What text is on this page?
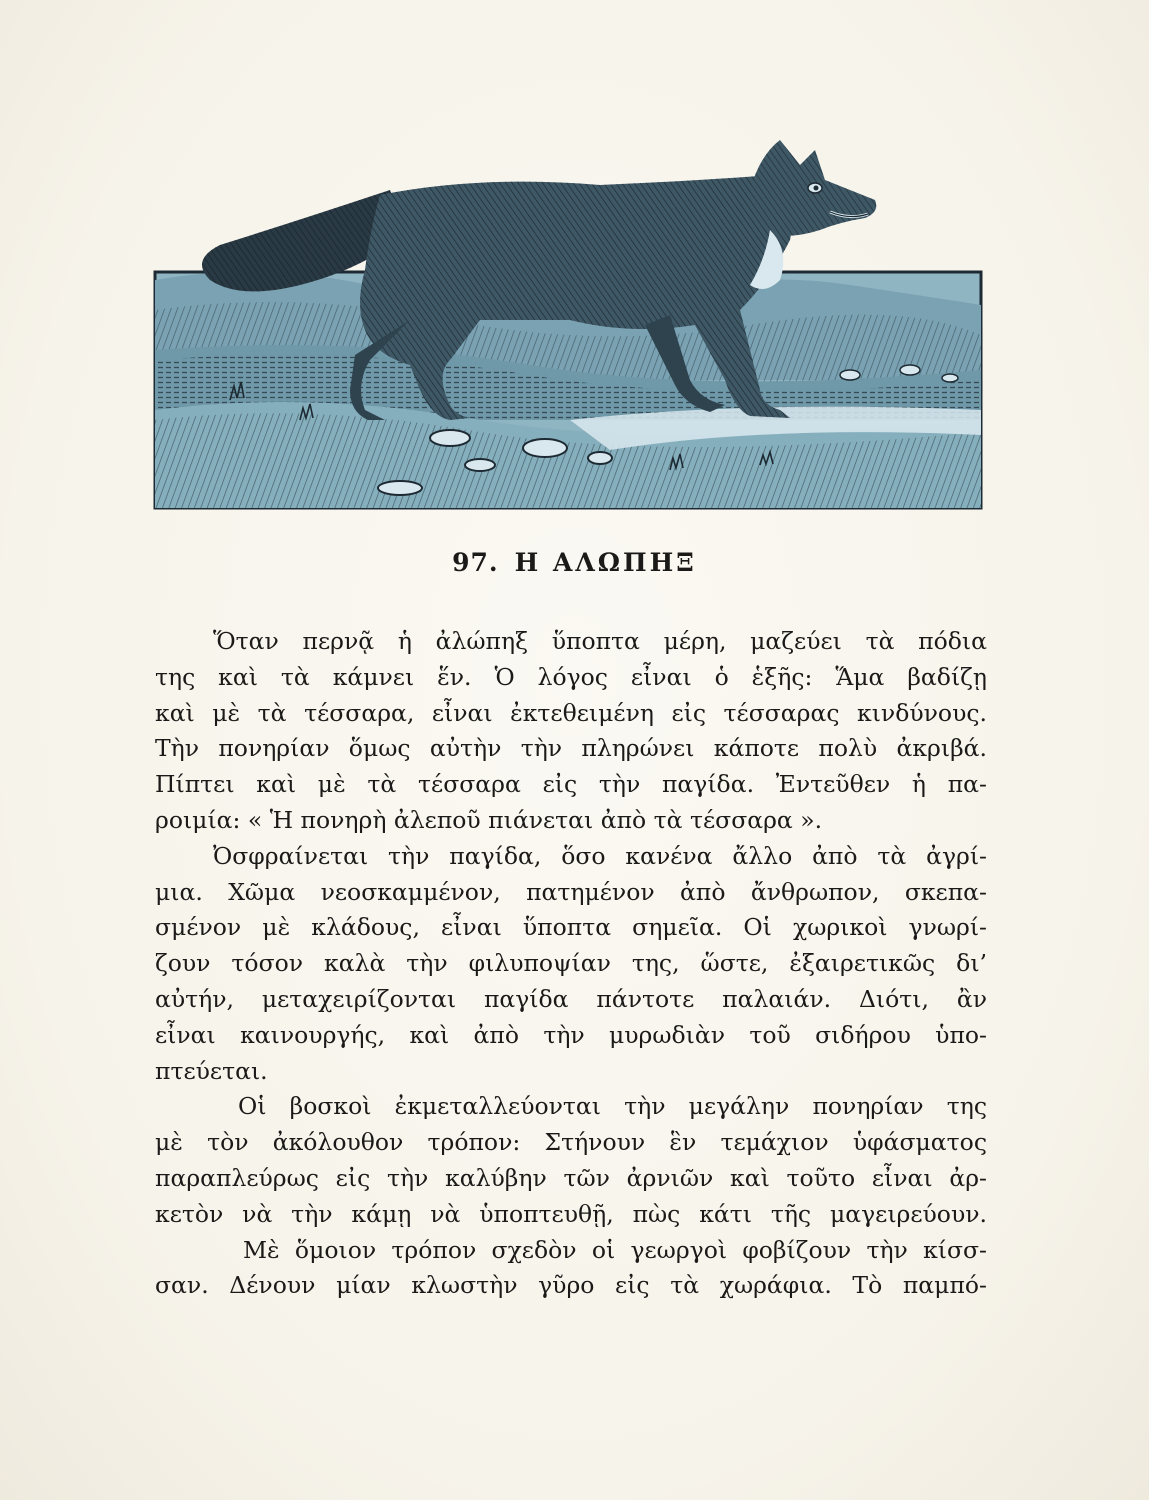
97. Η ΑΛΩΠΗΞ
Ὅταν περνᾷ ἡ ἀλώπηξ ὕποπτα μέρη, μαζεύει τὰ πόδια
της καὶ τὰ κάμνει ἕν. Ὁ λόγος εἶναι ὁ ἑξῆς: Ἅμα βαδίζῃ
καὶ μὲ τὰ τέσσαρα, εἶναι ἐκτεθειμένη εἰς τέσσαρας κινδύνους.
Τὴν πονηρίαν ὅμως αὐτὴν τὴν πληρώνει κάποτε πολὺ ἀκριβά.
Πίπτει καὶ μὲ τὰ τέσσαρα εἰς τὴν παγίδα. Ἐντεῦθεν ἡ πα-
ροιμία: « Ἡ πονηρὴ ἀλεποῦ πιάνεται ἀπὸ τὰ τέσσαρα ».
Ὀσφραίνεται τὴν παγίδα, ὅσο κανένα ἄλλο ἀπὸ τὰ ἀγρί-
μια. Χῶμα νεοσκαμμένον, πατημένον ἀπὸ ἄνθρωπον, σκεπα-
σμένον μὲ κλάδους, εἶναι ὕποπτα σημεῖα. Οἱ χωρικοὶ γνωρί-
ζουν τόσον καλὰ τὴν φιλυποψίαν της, ὥστε, ἐξαιρετικῶς δι’
αὐτήν, μεταχειρίζονται παγίδα πάντοτε παλαιάν. Διότι, ἂν
εἶναι καινουργής, καὶ ἀπὸ τὴν μυρωδιὰν τοῦ σιδήρου ὑπο-
πτεύεται.
Οἱ βοσκοὶ ἐκμεταλλεύονται τὴν μεγάλην πονηρίαν της
μὲ τὸν ἀκόλουθον τρόπον: Στήνουν ἓν τεμάχιον ὑφάσματος
παραπλεύρως εἰς τὴν καλύβην τῶν ἀρνιῶν καὶ τοῦτο εἶναι ἀρ-
κετὸν νὰ τὴν κάμῃ νὰ ὑποπτευθῇ, πὼς κάτι τῆς μαγειρεύουν.
Μὲ ὅμοιον τρόπον σχεδὸν οἱ γεωργοὶ φοβίζουν τὴν κίσσ-
σαν. Δένουν μίαν κλωστὴν γῦρο εἰς τὰ χωράφια. Τὸ παμπό-
